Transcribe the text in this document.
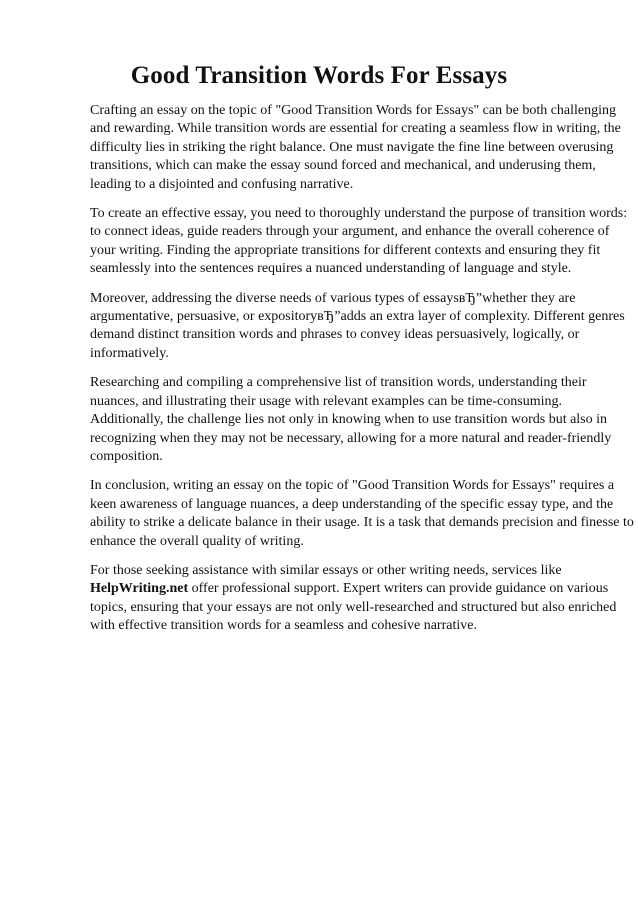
Good Transition Words For Essays

Crafting an essay on the topic of "Good Transition Words for Essays" can be both challenging
and rewarding. While transition words are essential for creating a seamless flow in writing, the
difficulty lies in striking the right balance. One must navigate the fine line between overusing
transitions, which can make the essay sound forced and mechanical, and underusing them,
leading to a disjointed and confusing narrative.

To create an effective essay, you need to thoroughly understand the purpose of transition words:
to connect ideas, guide readers through your argument, and enhance the overall coherence of
your writing. Finding the appropriate transitions for different contexts and ensuring they fit
seamlessly into the sentences requires a nuanced understanding of language and style.

Moreover, addressing the diverse needs of various types of essaysвЂ”whether they are
argumentative, persuasive, or expositoryвЂ”adds an extra layer of complexity. Different genres
demand distinct transition words and phrases to convey ideas persuasively, logically, or
informatively.

Researching and compiling a comprehensive list of transition words, understanding their
nuances, and illustrating their usage with relevant examples can be time-consuming.
Additionally, the challenge lies not only in knowing when to use transition words but also in
recognizing when they may not be necessary, allowing for a more natural and reader-friendly
composition.

In conclusion, writing an essay on the topic of "Good Transition Words for Essays" requires a
keen awareness of language nuances, a deep understanding of the specific essay type, and the
ability to strike a delicate balance in their usage. It is a task that demands precision and finesse to
enhance the overall quality of writing.

For those seeking assistance with similar essays or other writing needs, services like
HelpWriting.net offer professional support. Expert writers can provide guidance on various
topics, ensuring that your essays are not only well-researched and structured but also enriched
with effective transition words for a seamless and cohesive narrative.
